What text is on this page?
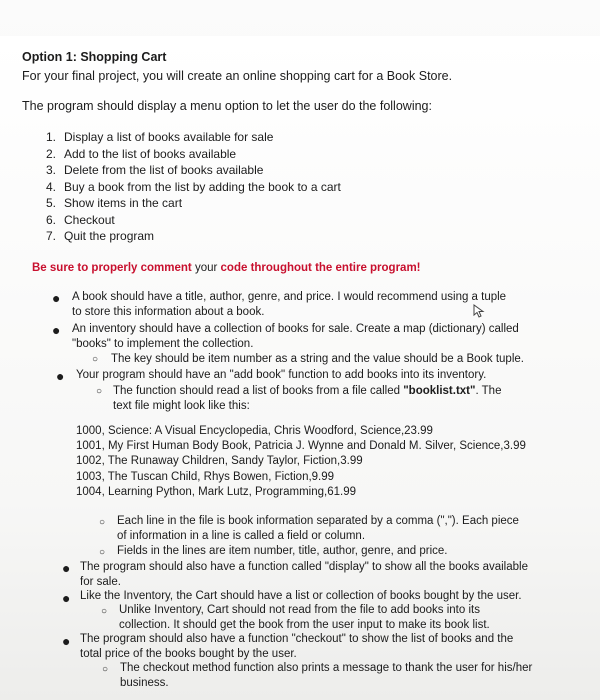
Option 1: Shopping Cart
For your final project, you will create an online shopping cart for a Book Store.
The program should display a menu option to let the user do the following:
1. Display a list of books available for sale
2. Add to the list of books available
3. Delete from the list of books available
4. Buy a book from the list by adding the book to a cart
5. Show items in the cart
6. Checkout
7. Quit the program
Be sure to properly comment your code throughout the entire program!
● A book should have a title, author, genre, and price. I would recommend using a tuple
to store this information about a book.
● An inventory should have a collection of books for sale. Create a map (dictionary) called
"books" to implement the collection.
○ The key should be item number as a string and the value should be a Book tuple.
● Your program should have an "add book" function to add books into its inventory.
○ The function should read a list of books from a file called "booklist.txt". The
text file might look like this:
1000, Science: A Visual Encyclopedia, Chris Woodford, Science,23.99
1001, My First Human Body Book, Patricia J. Wynne and Donald M. Silver, Science,3.99
1002, The Runaway Children, Sandy Taylor, Fiction,3.99
1003, The Tuscan Child, Rhys Bowen, Fiction,9.99
1004, Learning Python, Mark Lutz, Programming,61.99
○ Each line in the file is book information separated by a comma (","). Each piece
of information in a line is called a field or column.
○ Fields in the lines are item number, title, author, genre, and price.
● The program should also have a function called "display" to show all the books available
for sale.
● Like the Inventory, the Cart should have a list or collection of books bought by the user.
○ Unlike Inventory, Cart should not read from the file to add books into its
collection. It should get the book from the user input to make its book list.
● The program should also have a function "checkout" to show the list of books and the
total price of the books bought by the user.
○ The checkout method function also prints a message to thank the user for his/her
business.
